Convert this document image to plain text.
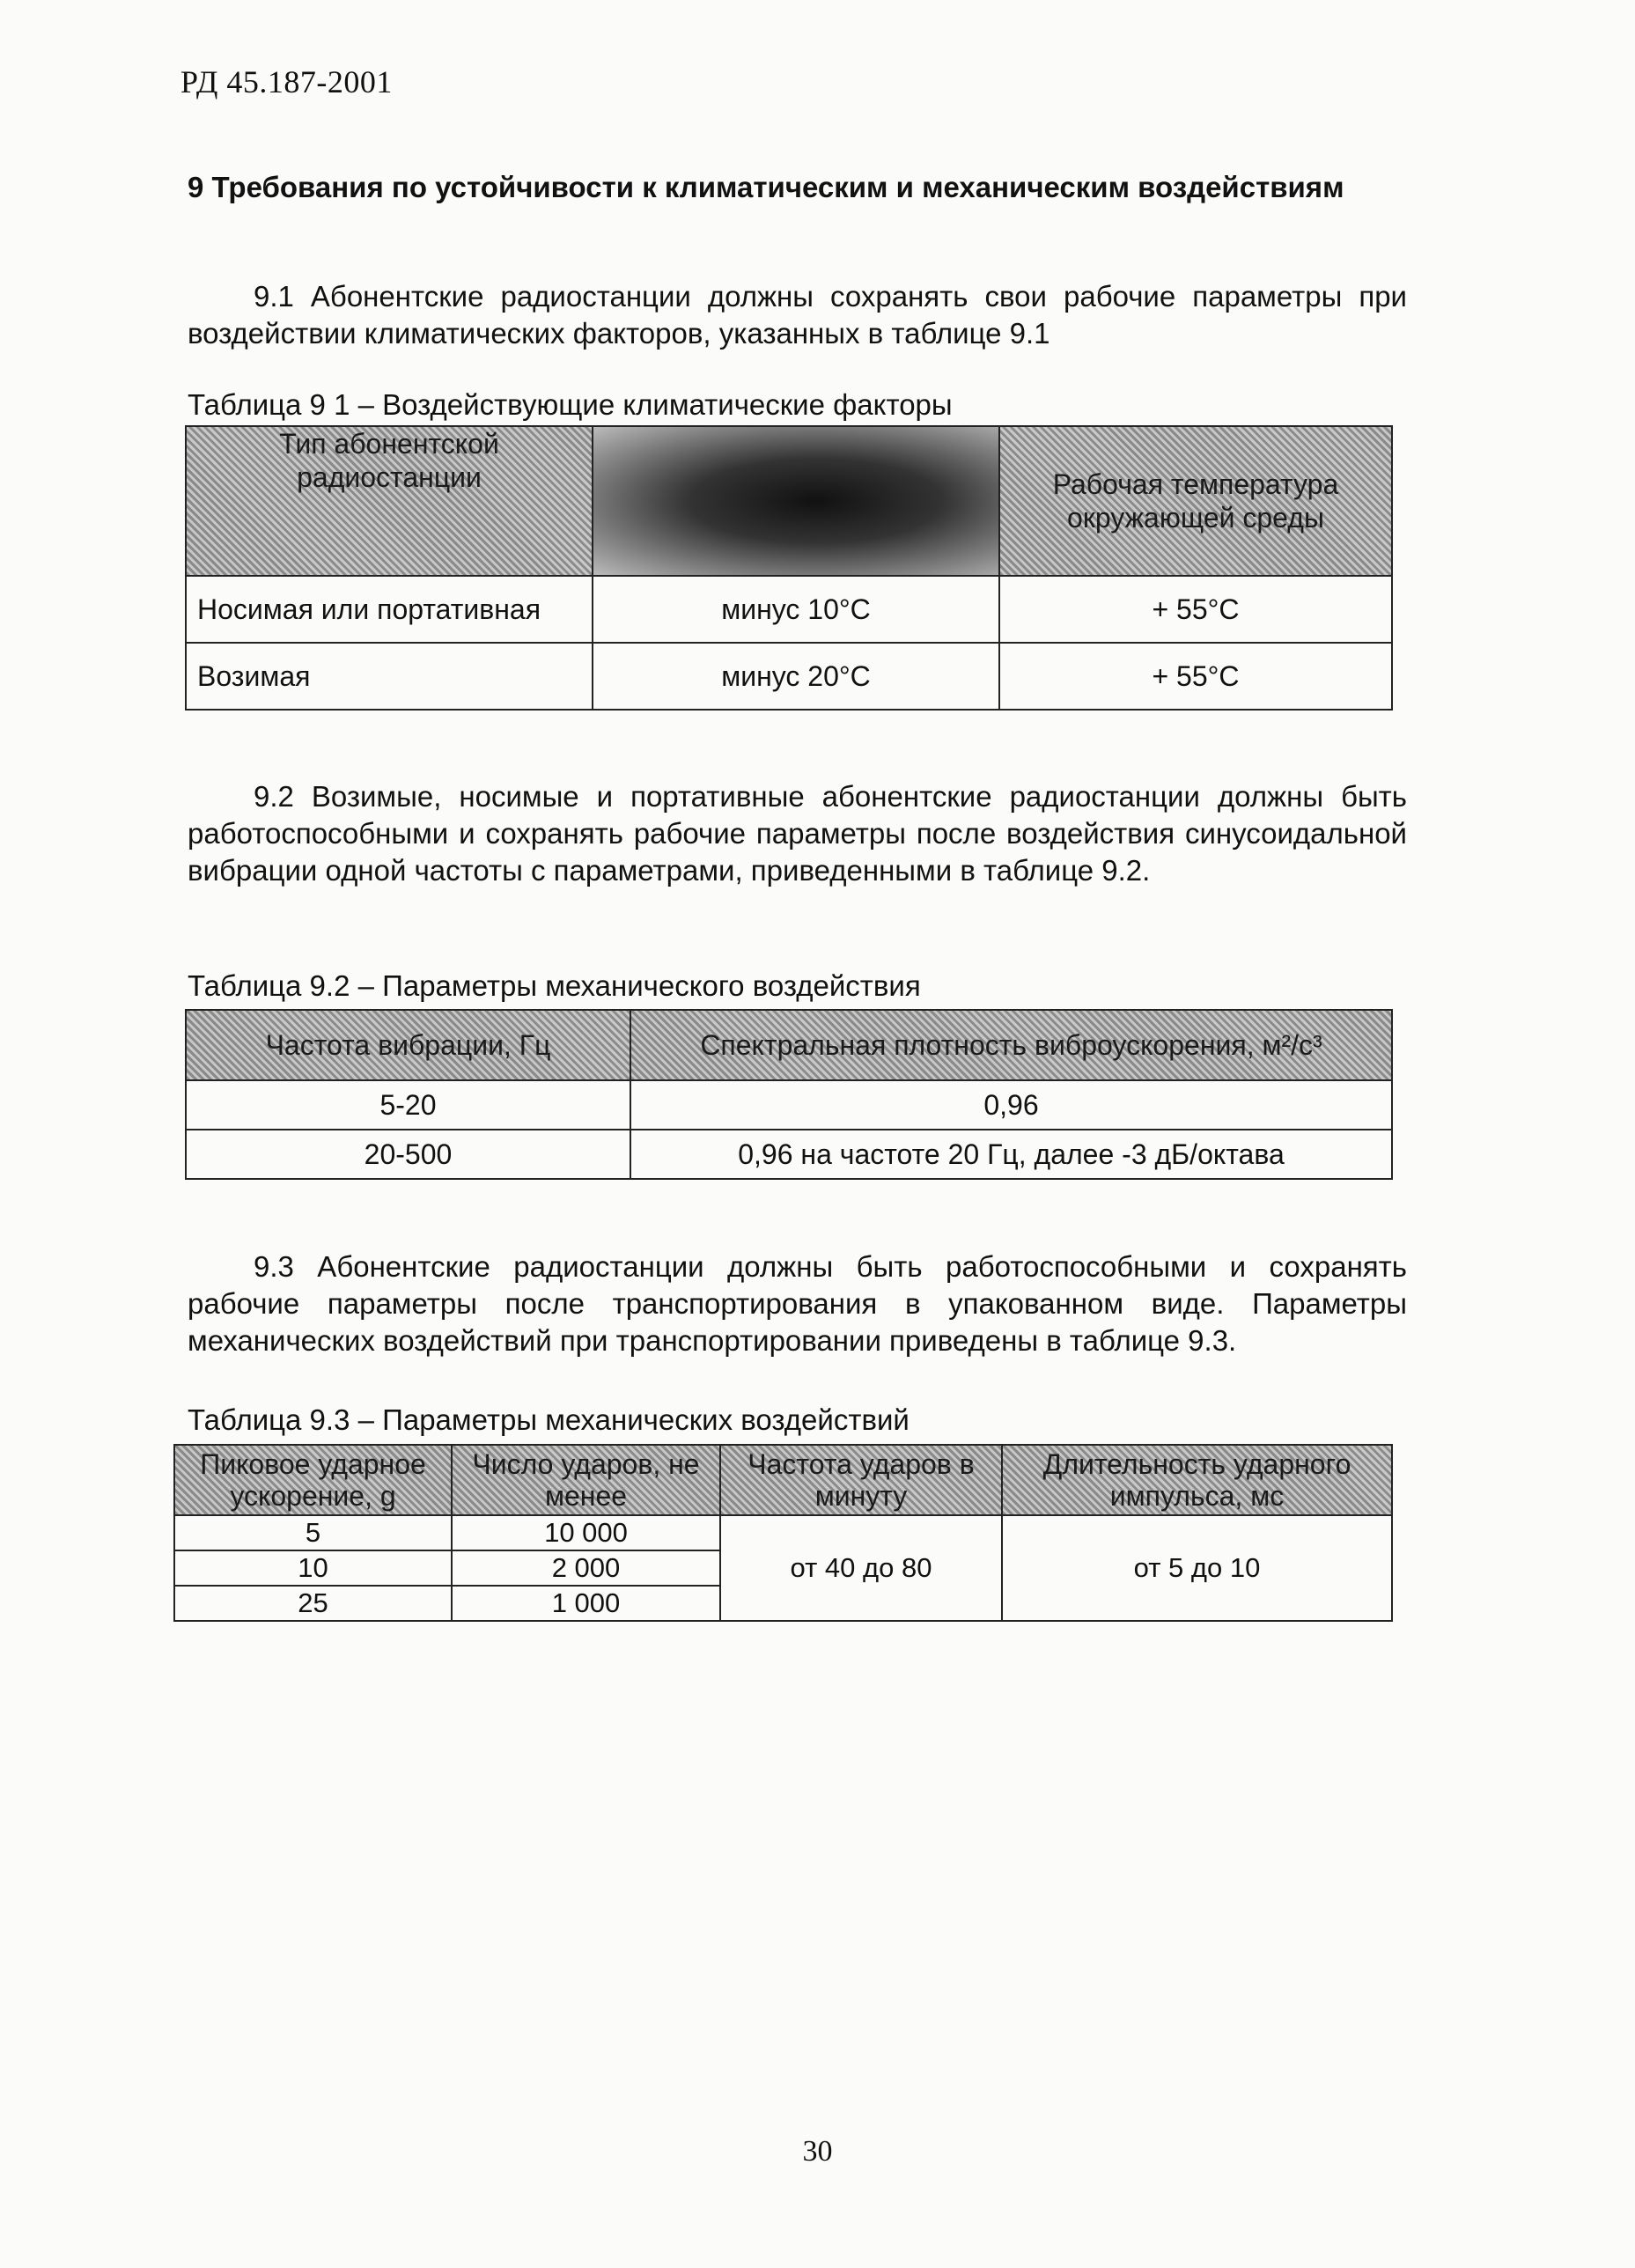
РД 45.187-2001
9 Требования по устойчивости к климатическим и механическим воздействиям
9.1 Абонентские радиостанции должны сохранять свои рабочие параметры при воздействии климатических факторов, указанных в таблице 9.1
Таблица 9 1 – Воздействующие климатические факторы
Тип абонентской радиостанции		Рабочая температура окружающей среды
Носимая или портативная	минус 10°С	+ 55°С
Возимая	минус 20°С	+ 55°С
9.2 Возимые, носимые и портативные абонентские радиостанции должны быть работоспособными и сохранять рабочие параметры после воздействия синусоидальной вибрации одной частоты с параметрами, приведенными в таблице 9.2.
Таблица 9.2 – Параметры механического воздействия
Частота вибрации, Гц	Спектральная плотность виброускорения, м²/с³
5-20	0,96
20-500	0,96 на частоте 20 Гц, далее -3 дБ/октава
9.3 Абонентские радиостанции должны быть работоспособными и сохранять рабочие параметры после транспортирования в упакованном виде. Параметры механических воздействий при транспортировании приведены в таблице 9.3.
Таблица 9.3 – Параметры механических воздействий
Пиковое ударное ускорение, g	Число ударов, не менее	Частота ударов в минуту	Длительность ударного импульса, мс
5	10 000	от 40 до 80	от 5 до 10
10	2 000		
25	1 000		
30
